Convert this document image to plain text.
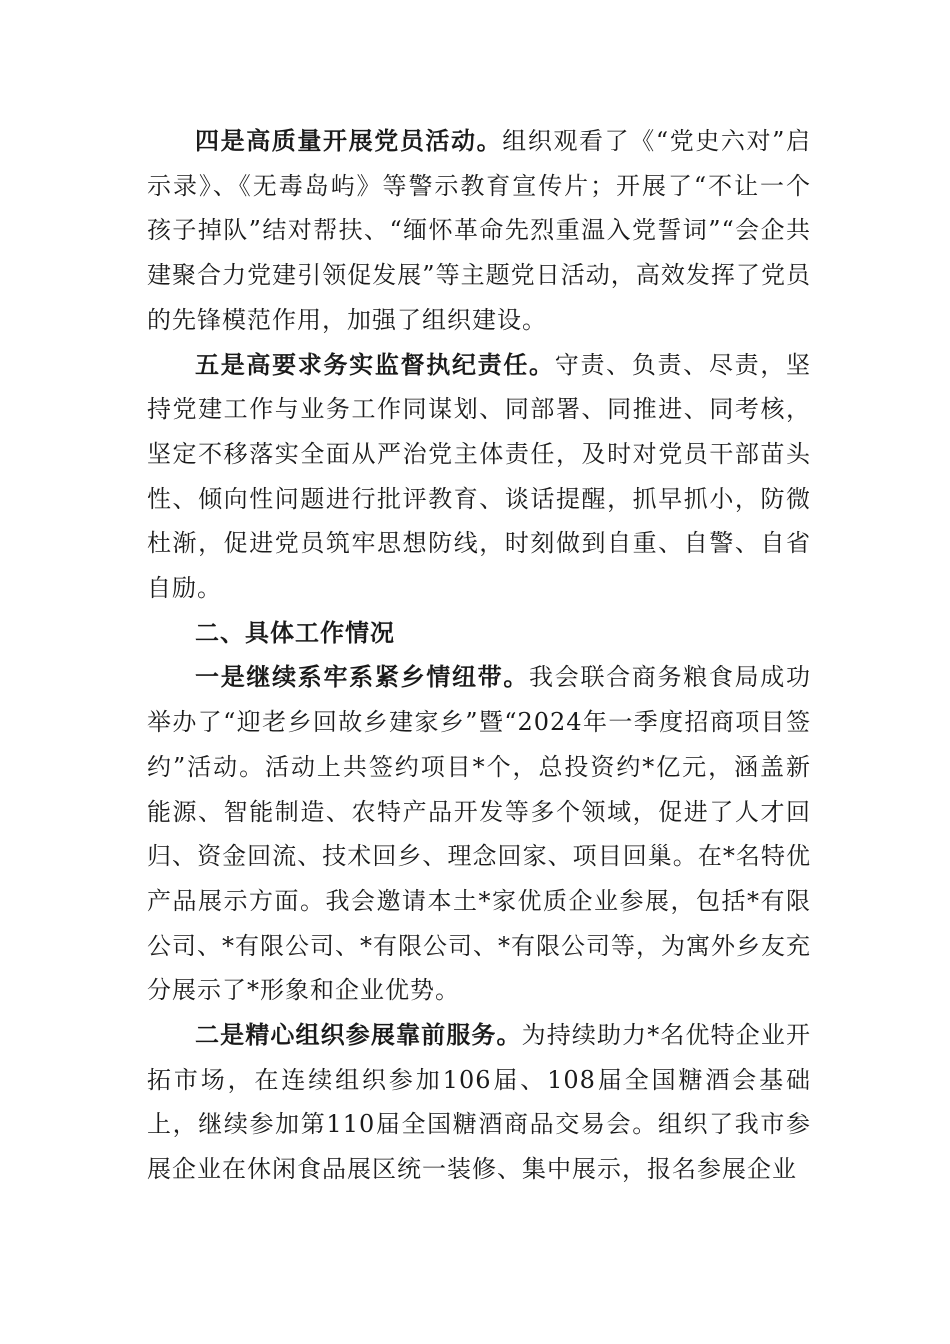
四是高质量开展党员活动。组织观看了《“党史六对”启示录》、《无毒岛屿》等警示教育宣传片；开展了“不让一个孩子掉队”结对帮扶、“缅怀革命先烈重温入党誓词”“会企共建聚合力党建引领促发展”等主题党日活动，高效发挥了党员的先锋模范作用，加强了组织建设。

五是高要求务实监督执纪责任。守责、负责、尽责，坚持党建工作与业务工作同谋划、同部署、同推进、同考核，坚定不移落实全面从严治党主体责任，及时对党员干部苗头性、倾向性问题进行批评教育、谈话提醒，抓早抓小，防微杜渐，促进党员筑牢思想防线，时刻做到自重、自警、自省自励。

二、具体工作情况

一是继续系牢系紧乡情纽带。我会联合商务粮食局成功举办了“迎老乡回故乡建家乡”暨“2024年一季度招商项目签约”活动。活动上共签约项目*个，总投资约*亿元，涵盖新能源、智能制造、农特产品开发等多个领域，促进了人才回归、资金回流、技术回乡、理念回家、项目回巢。在*名特优产品展示方面。我会邀请本土*家优质企业参展，包括*有限公司、*有限公司、*有限公司、*有限公司等，为寓外乡友充分展示了*形象和企业优势。

二是精心组织参展靠前服务。为持续助力*名优特企业开拓市场，在连续组织参加106届、108届全国糖酒会基础上，继续参加第110届全国糖酒商品交易会。组织了我市参展企业在休闲食品展区统一装修、集中展示，报名参展企业
